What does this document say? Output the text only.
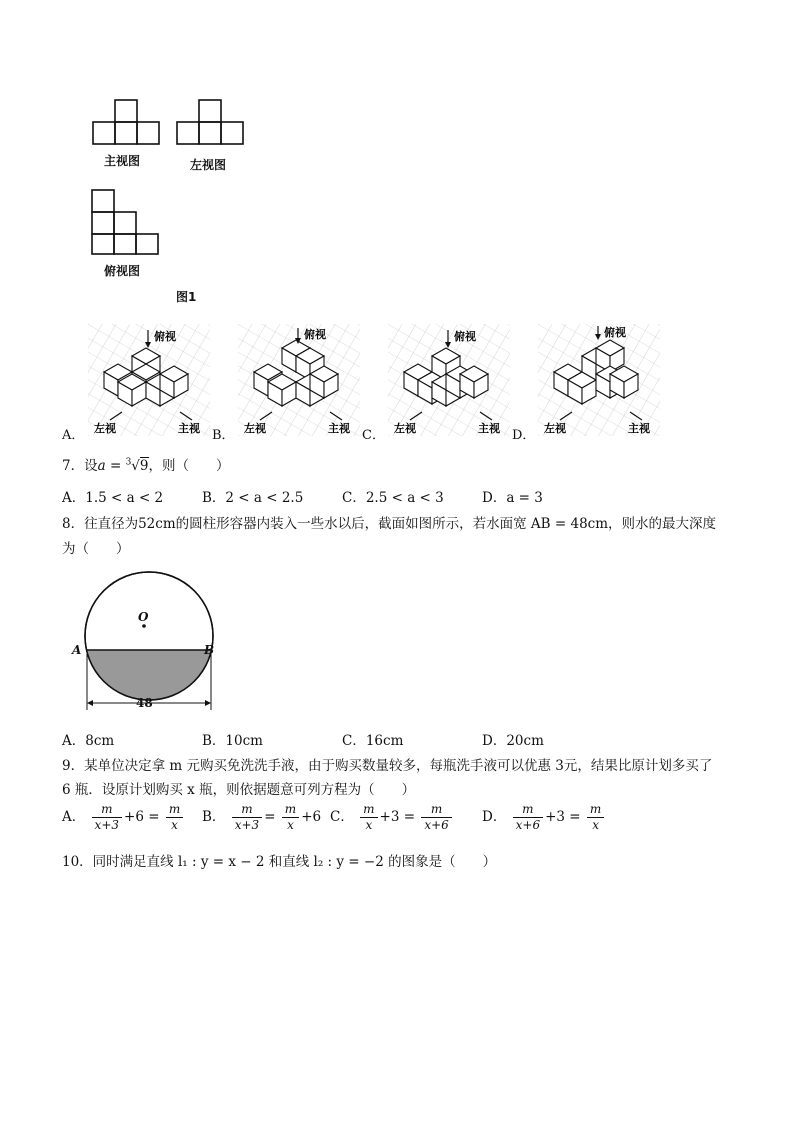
主视图	左视图
俯视图
图1
A．
俯视
左视	主视 B．
俯视
左视	主视 C．
俯视
左视	主视 D．
俯视
左视	主视
7．设a = $^3$√9，则（　　）
A．1.5 < a < 2	B．2 < a < 2.5	C．2.5 < a < 3	D．a = 3
8．往直径为52cm的圆柱形容器内装入一些水以后，截面如图所示，若水面宽 AB = 48cm，则水的最大深度
为（　　）
O
A	B
48
A．8cm	B．10cm	C．16cm	D．20cm
9．某单位决定拿 m 元购买免洗洗手液，由于购买数量较多，每瓶洗手液可以优惠 3元，结果比原计划多买了
6 瓶．设原计划购买 x 瓶，则依据题意可列方程为（　　）
A． $\frac{m}{x+3} +6 = \frac{m}{x}$ B． $\frac{m}{x+3} = \frac{m}{x} +6$ C． $\frac{m}{x} +3 = \frac{m}{x+6}$ D． $\frac{m}{x+6} +3 = \frac{m}{x}$
10．同时满足直线 l₁ : y = x − 2 和直线 l₂ : y = −2 的图象是（　　）
